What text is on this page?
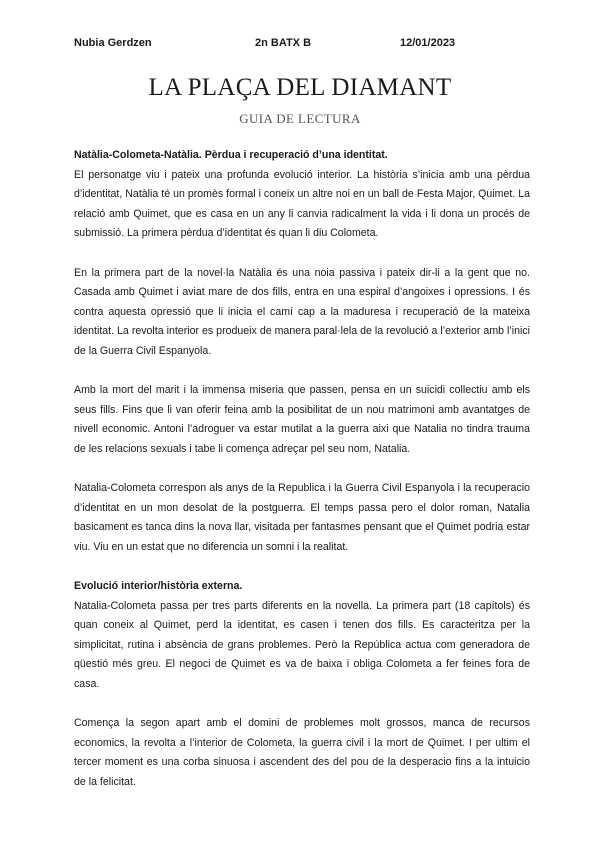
Nubia Gerdzen	2n BATX B	12/01/2023
LA PLAÇA DEL DIAMANT
GUIA DE LECTURA
Natàlia-Colometa-Natàlia. Pèrdua i recuperació d’una identitat.

El personatge viu i pateix una profunda evolució interior. La història s’inicia amb una pèrdua d’identitat, Natàlia té un promès formal i coneix un altre noi en un ball de Festa Major, Quimet. La relació amb Quimet, que es casa en un any li canvia radicalment la vida i li dona un procés de submissió. La primera pèrdua d’identitat és quan li diu Colometa.

En la primera part de la novel·la Natàlia és una noia passiva i pateix dir-li a la gent que no. Casada amb Quimet i aviat mare de dos fills, entra en una espiral d’angoixes i opressions. I és contra aquesta opressió que li inicia el camí cap a la maduresa i recuperació de la mateixa identitat. La revolta interior es produeix de manera paral·lela de la revolució a l’exterior amb l’inici de la Guerra Civil Espanyola.

Amb la mort del marit i la immensa miseria que passen, pensa en un suicidi collectiu amb els seus fills. Fins que li van oferir feina amb la posibilitat de un nou matrimoni amb avantatges de nivell economic. Antoni l’adroguer va estar mutilat a la guerra aixi que Natalia no tindra trauma de les relacions sexuals i tabe li comença adreçar pel seu nom, Natalia.

Natalia-Colometa correspon als anys de la Republica i la Guerra Civil Espanyola i la recuperacio d’identitat en un mon desolat de la postguerra. El temps passa pero el dolor roman, Natalia basicament es tanca dins la nova llar, visitada per fantasmes pensant que el Quimet podria estar viu. Viu en un estat que no diferencia un somni i la realitat.

Evolució interior/història externa.

Natalia-Colometa passa per tres parts diferents en la novella. La primera part (18 capítols) és quan coneix al Quimet, perd la identitat, es casen i tenen dos fills. Es caracteritza per la simplicitat, rutina i absència de grans problemes. Però la República actua com generadora de qüestió més greu. El negoci de Quimet es va de baixa i obliga Colometa a fer feines fora de casa.

Comença la segon apart amb el domini de problemes molt grossos, manca de recursos economics, la revolta a l’interior de Colometa, la guerra civil i la mort de Quimet. I per ultim el tercer moment es una corba sinuosa i ascendent des del pou de la desperacio fins a la intuicio de la felicitat.
